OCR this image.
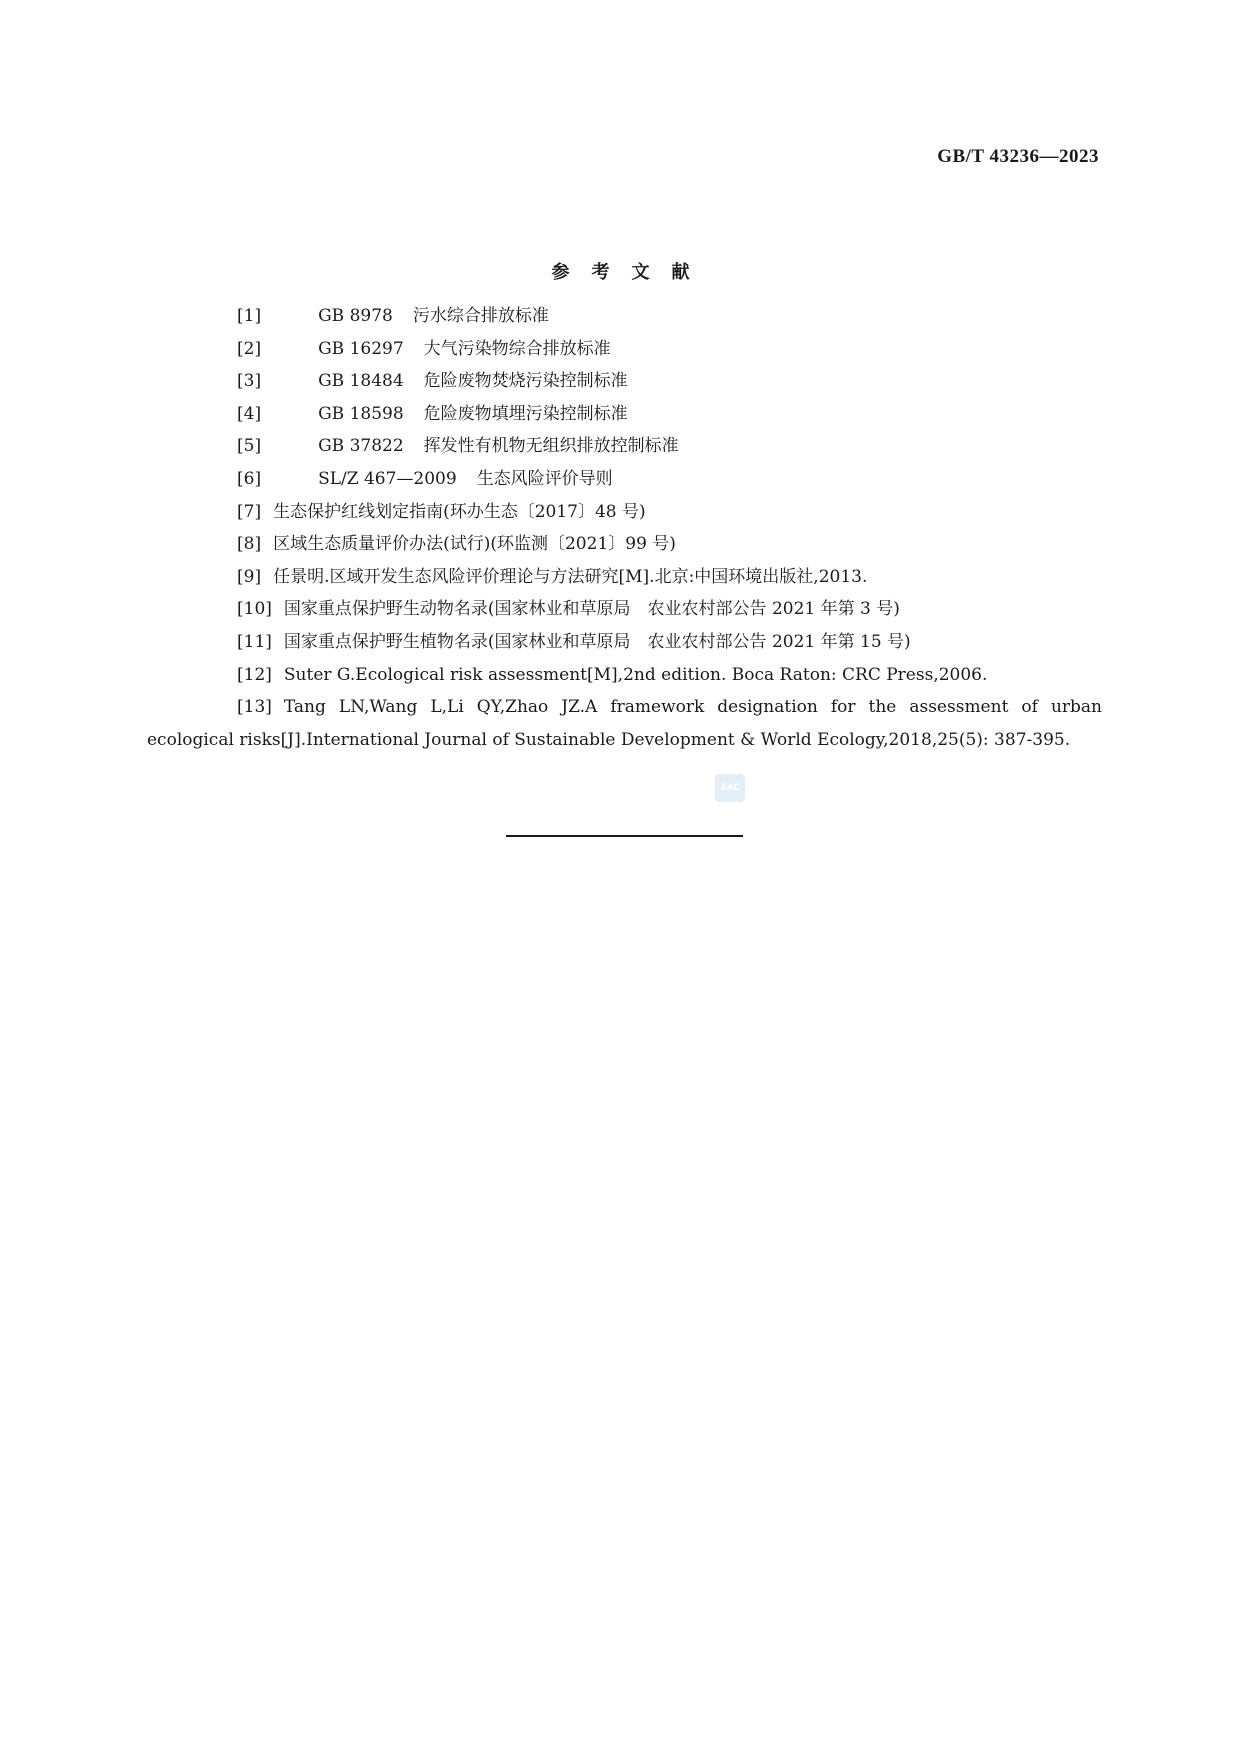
GB/T 43236—2023
参考文献
[1]	GB 8978 污水综合排放标准
[2]	GB 16297 大气污染物综合排放标准
[3]	GB 18484 危险废物焚烧污染控制标准
[4]	GB 18598 危险废物填埋污染控制标准
[5]	GB 37822 挥发性有机物无组织排放控制标准
[6]	SL/Z 467—2009 生态风险评价导则
[7] 生态保护红线划定指南(环办生态〔2017〕48 号)
[8] 区域生态质量评价办法(试行)(环监测〔2021〕99 号)
[9] 任景明.区域开发生态风险评价理论与方法研究[M].北京:中国环境出版社,2013.
[10] 国家重点保护野生动物名录(国家林业和草原局　农业农村部公告 2021 年第 3 号)
[11] 国家重点保护野生植物名录(国家林业和草原局　农业农村部公告 2021 年第 15 号)
[12] Suter G.Ecological risk assessment[M],2nd edition. Boca Raton: CRC Press,2006.
[13] Tang LN,Wang L,Li QY,Zhao JZ.A framework designation for the assessment of urban ecological risks[J].International Journal of Sustainable Development & World Ecology,2018,25(5): 387-395.
SAC
